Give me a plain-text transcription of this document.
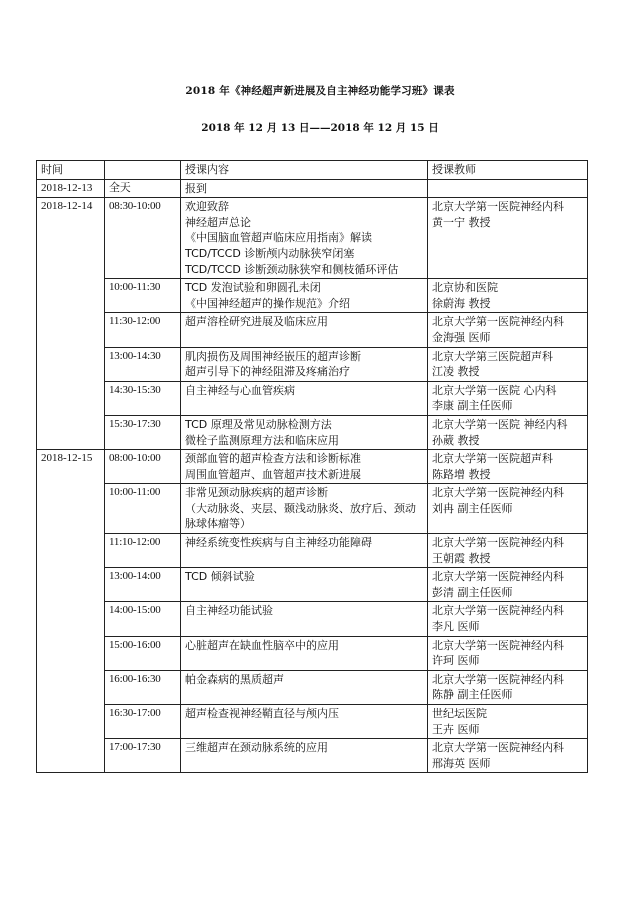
2018 年《神经超声新进展及自主神经功能学习班》课表
2018 年 12 月 13 日——2018 年 12 月 15 日
时间		授课内容	授课教师
2018-12-13	全天	报到	

2018-12-14	08:30-10:00	欢迎致辞
神经超声总论
《中国脑血管超声临床应用指南》解读
TCD/TCCD 诊断颅内动脉狭窄闭塞
TCD/TCCD 诊断颈动脉狭窄和侧枝循环评估	北京大学第一医院神经内科
黄一宁 教授

	10:00-11:30	TCD 发泡试验和卵圆孔未闭
《中国神经超声的操作规范》介绍	北京协和医院
徐蔚海 教授

	11:30-12:00	超声溶栓研究进展及临床应用	北京大学第一医院神经内科
金海强 医师

	13:00-14:30	肌肉损伤及周围神经嵌压的超声诊断
超声引导下的神经阻滞及疼痛治疗	北京大学第三医院超声科
江凌 教授

	14:30-15:30	自主神经与心血管疾病	北京大学第一医院 心内科
李康 副主任医师

	15:30-17:30	TCD 原理及常见动脉检测方法
微栓子监测原理方法和临床应用	北京大学第一医院 神经内科
孙葳 教授

2018-12-15	08:00-10:00	颈部血管的超声检查方法和诊断标准
周围血管超声、血管超声技术新进展	北京大学第一医院超声科
陈路增 教授

	10:00-11:00	非常见颈动脉疾病的超声诊断
（大动脉炎、夹层、颞浅动脉炎、放疗后、颈动脉球体瘤等）	北京大学第一医院神经内科
刘冉 副主任医师

	11:10-12:00	神经系统变性疾病与自主神经功能障碍	北京大学第一医院神经内科
王朝霞 教授

	13:00-14:00	TCD 倾斜试验	北京大学第一医院神经内科
彭清 副主任医师

	14:00-15:00	自主神经功能试验	北京大学第一医院神经内科
李凡 医师

	15:00-16:00	心脏超声在缺血性脑卒中的应用	北京大学第一医院神经内科
许珂 医师

	16:00-16:30	帕金森病的黑质超声	北京大学第一医院神经内科
陈静 副主任医师

	16:30-17:00	超声检查视神经鞘直径与颅内压	世纪坛医院
王卉 医师

	17:00-17:30	三维超声在颈动脉系统的应用	北京大学第一医院神经内科
邢海英 医师
